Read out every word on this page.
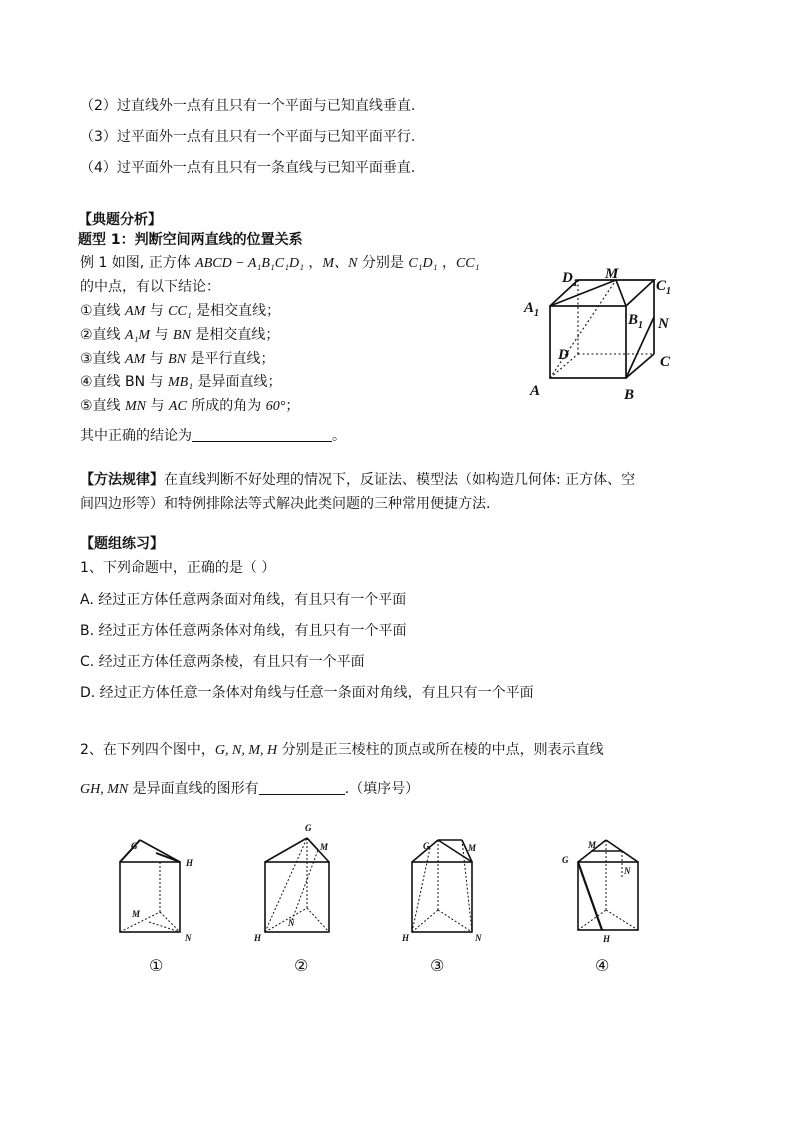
（2）过直线外一点有且只有一个平面与已知直线垂直.
（3）过平面外一点有且只有一个平面与已知平面平行.
（4）过平面外一点有且只有一条直线与已知平面垂直.
【典题分析】
题型 1：判断空间两直线的位置关系
例 1 如图, 正方体 ABCD − A₁B₁C₁D₁ ，M、N 分别是 C₁D₁ ，CC₁
的中点，有以下结论：
①直线 AM 与 CC₁ 是相交直线；
②直线 A₁M 与 BN 是相交直线；
③直线 AM 与 BN 是平行直线；
④直线 BN 与 MB₁ 是异面直线；
⑤直线 MN 与 AC 所成的角为 60°；
其中正确的结论为	。
$D_1$
M
$C_1$
$A_1$	$B_1$ N
D	C
A	B
【方法规律】在直线判断不好处理的情况下，反证法、模型法（如构造几何体: 正方体、空
间四边形等）和特例排除法等式解决此类问题的三种常用便捷方法.
【题组练习】
1、下列命题中，正确的是（ ）
A. 经过正方体任意两条面对角线，有且只有一个平面
B. 经过正方体任意两条体对角线，有且只有一个平面
C. 经过正方体任意两条棱，有且只有一个平面
D. 经过正方体任意一条体对角线与任意一条面对角线，有且只有一个平面
2、在下列四个图中，G, N, M, H 分别是正三棱柱的顶点或所在棱的中点，则表示直线
GH, MN 是异面直线的图形有	.（填序号）
G
H
M
N
G
M
N
H
G	M
H	N
G
M
N
H
①	②	③	④
